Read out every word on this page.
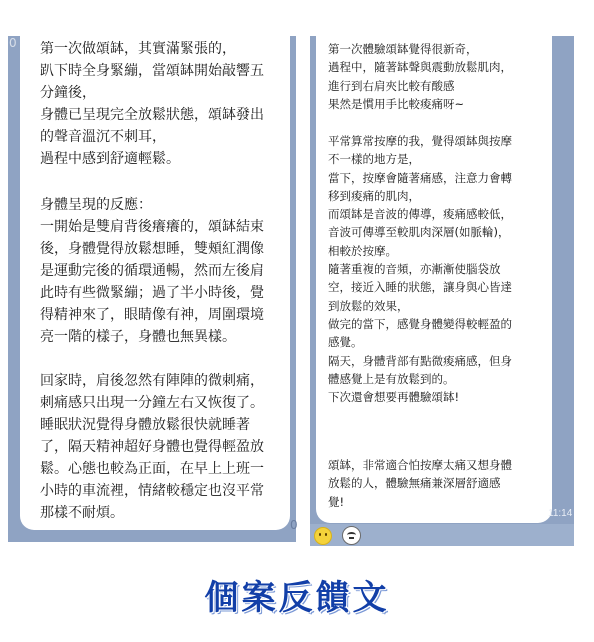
0 第一次做頌缽，其實滿緊張的，
趴下時全身緊繃，當頌缽開始敲響五
分鐘後，
身體已呈現完全放鬆狀態，頌缽發出
的聲音溫沉不刺耳，
過程中感到舒適輕鬆。

身體呈現的反應：
一開始是雙肩背後癢癢的，頌缽結束
後，身體覺得放鬆想睡，雙頰紅潤像
是運動完後的循環通暢，然而左後肩
此時有些微緊繃；過了半小時後，覺
得精神來了，眼睛像有神，周圍環境
亮一階的樣子，身體也無異樣。

回家時，肩後忽然有陣陣的微刺痛，
刺痛感只出現一分鐘左右又恢復了。
睡眠狀況覺得身體放鬆很快就睡著
了，隔天精神超好身體也覺得輕盈放
鬆。心態也較為正面，在早上上班一
小時的車流裡，情緒較穩定也沒平常
那樣不耐煩。

0

第一次體驗頌缽覺得很新奇，
過程中，隨著缽聲與震動放鬆肌肉，
進行到右肩夾比較有酸感
果然是慣用手比較痠痛呀~

平常算常按摩的我，覺得頌缽與按摩
不一樣的地方是，
當下，按摩會隨著痛感，注意力會轉
移到痠痛的肌肉，
而頌缽是音波的傳導，痠痛感較低，
音波可傳導至較肌肉深層(如脈輪)，
相較於按摩。
隨著重複的音頻，亦漸漸使腦袋放
空，接近入睡的狀態，讓身與心皆達
到放鬆的效果，
做完的當下，感覺身體變得較輕盈的
感覺。
隔天，身體背部有點微痠痛感，但身
體感覺上是有放鬆到的。
下次還會想要再體驗頌缽!

頌缽，非常適合怕按摩太痛又想身體
放鬆的人，體驗無痛兼深層舒適感
覺!

11:14
個案反饋文
